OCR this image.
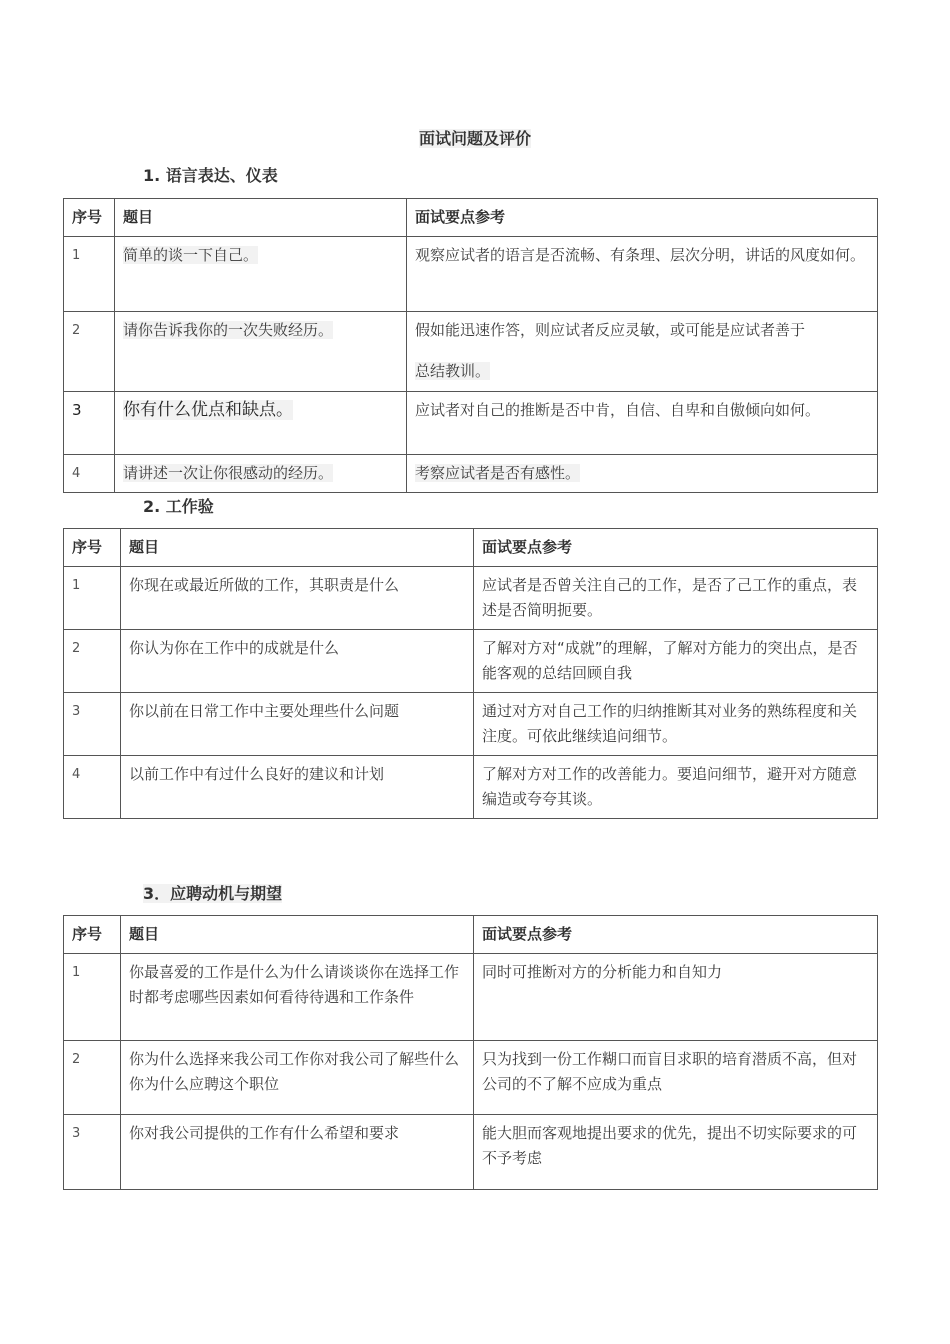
面试问题及评价
1. 语言表达、仪表
序号	题目	面试要点参考
1	简单的谈一下自己。	观察应试者的语言是否流畅、有条理、层次分明，讲话的风度如何。
2	请你告诉我你的一次失败经历。	假如能迅速作答，则应试者反应灵敏，或可能是应试者善于
总结教训。

3	你有什么优点和缺点。	应试者对自己的推断是否中肯，自信、自卑和自傲倾向如何。
4	请讲述一次让你很感动的经历。	考察应试者是否有感性。
2. 工作验
序号	题目	面试要点参考
1	你现在或最近所做的工作，其职责是什么	应试者是否曾关注自己的工作，是否了己工作的重点，表述是否简明扼要。
2	你认为你在工作中的成就是什么	了解对方对“成就”的理解，了解对方能力的突出点，是否能客观的总结回顾自我
3	你以前在日常工作中主要处理些什么问题	通过对方对自己工作的归纳推断其对业务的熟练程度和关注度。可依此继续追问细节。
4	以前工作中有过什么良好的建议和计划	了解对方对工作的改善能力。要追问细节，避开对方随意编造或夸夸其谈。
3．应聘动机与期望
序号	题目	面试要点参考
1	你最喜爱的工作是什么为什么请谈谈你在选择工作时都考虑哪些因素如何看待待遇和工作条件	同时可推断对方的分析能力和自知力
2	你为什么选择来我公司工作你对我公司了解些什么你为什么应聘这个职位	只为找到一份工作糊口而盲目求职的培育潜质不高，但对公司的不了解不应成为重点
3	你对我公司提供的工作有什么希望和要求	能大胆而客观地提出要求的优先，提出不切实际要求的可不予考虑
